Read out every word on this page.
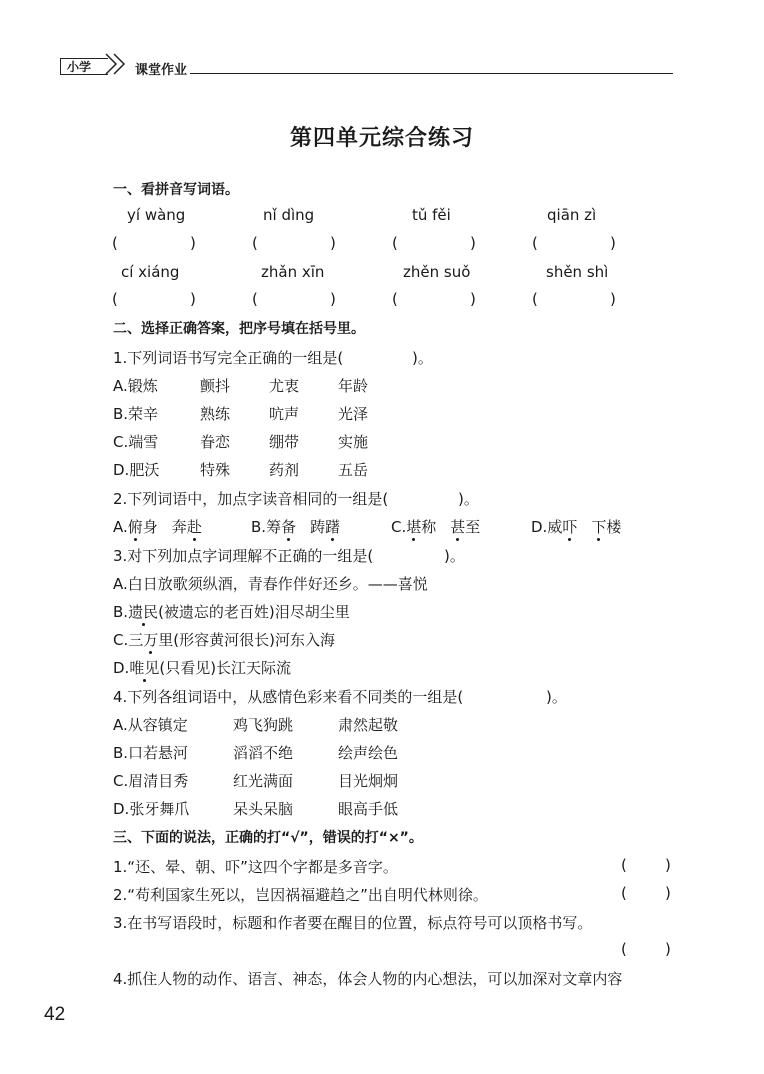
小学	课堂作业
第四单元综合练习
一、看拼音写词语。
yí wàng	nǐ dìng	tǔ fěi	qiān zì
(	)	(	)	(	)	(	)
cí xiáng	zhǎn xīn	zhěn suǒ	shěn shì
(	)	(	)	(	)	(	)
二、选择正确答案，把序号填在括号里。
1.下列词语书写完全正确的一组是(	)。
A.锻炼	颤抖	尤衷	年龄
B.荣辛	熟练	吭声	光泽
C.端雪	眷恋	绷带	实施
D.肥沃	特殊	药剂	五岳
2.下列词语中，加点字读音相同的一组是(	)。
A.俯身 奔赴	B.筹备 踌躇	C.堪称 甚至	D.威吓 下楼
3.对下列加点字词理解不正确的一组是(	)。
A.白日放歌须纵酒，青春作伴好还乡。——喜悦
B.遗民(被遗忘的老百姓)泪尽胡尘里
C.三万里(形容黄河很长)河东入海
D.唯见(只看见)长江天际流
4.下列各组词语中，从感情色彩来看不同类的一组是(	)。
A.从容镇定	鸡飞狗跳	肃然起敬
B.口若悬河	滔滔不绝	绘声绘色
C.眉清目秀	红光满面	目光炯炯
D.张牙舞爪	呆头呆脑	眼高手低
三、下面的说法，正确的打“√”，错误的打“×”。
1.“还、晕、朝、吓”这四个字都是多音字。	(	)
2.“苟利国家生死以，岂因祸福避趋之”出自明代林则徐。	(	)
3.在书写语段时，标题和作者要在醒目的位置，标点符号可以顶格书写。
(	)
4.抓住人物的动作、语言、神态，体会人物的内心想法，可以加深对文章内容
42
